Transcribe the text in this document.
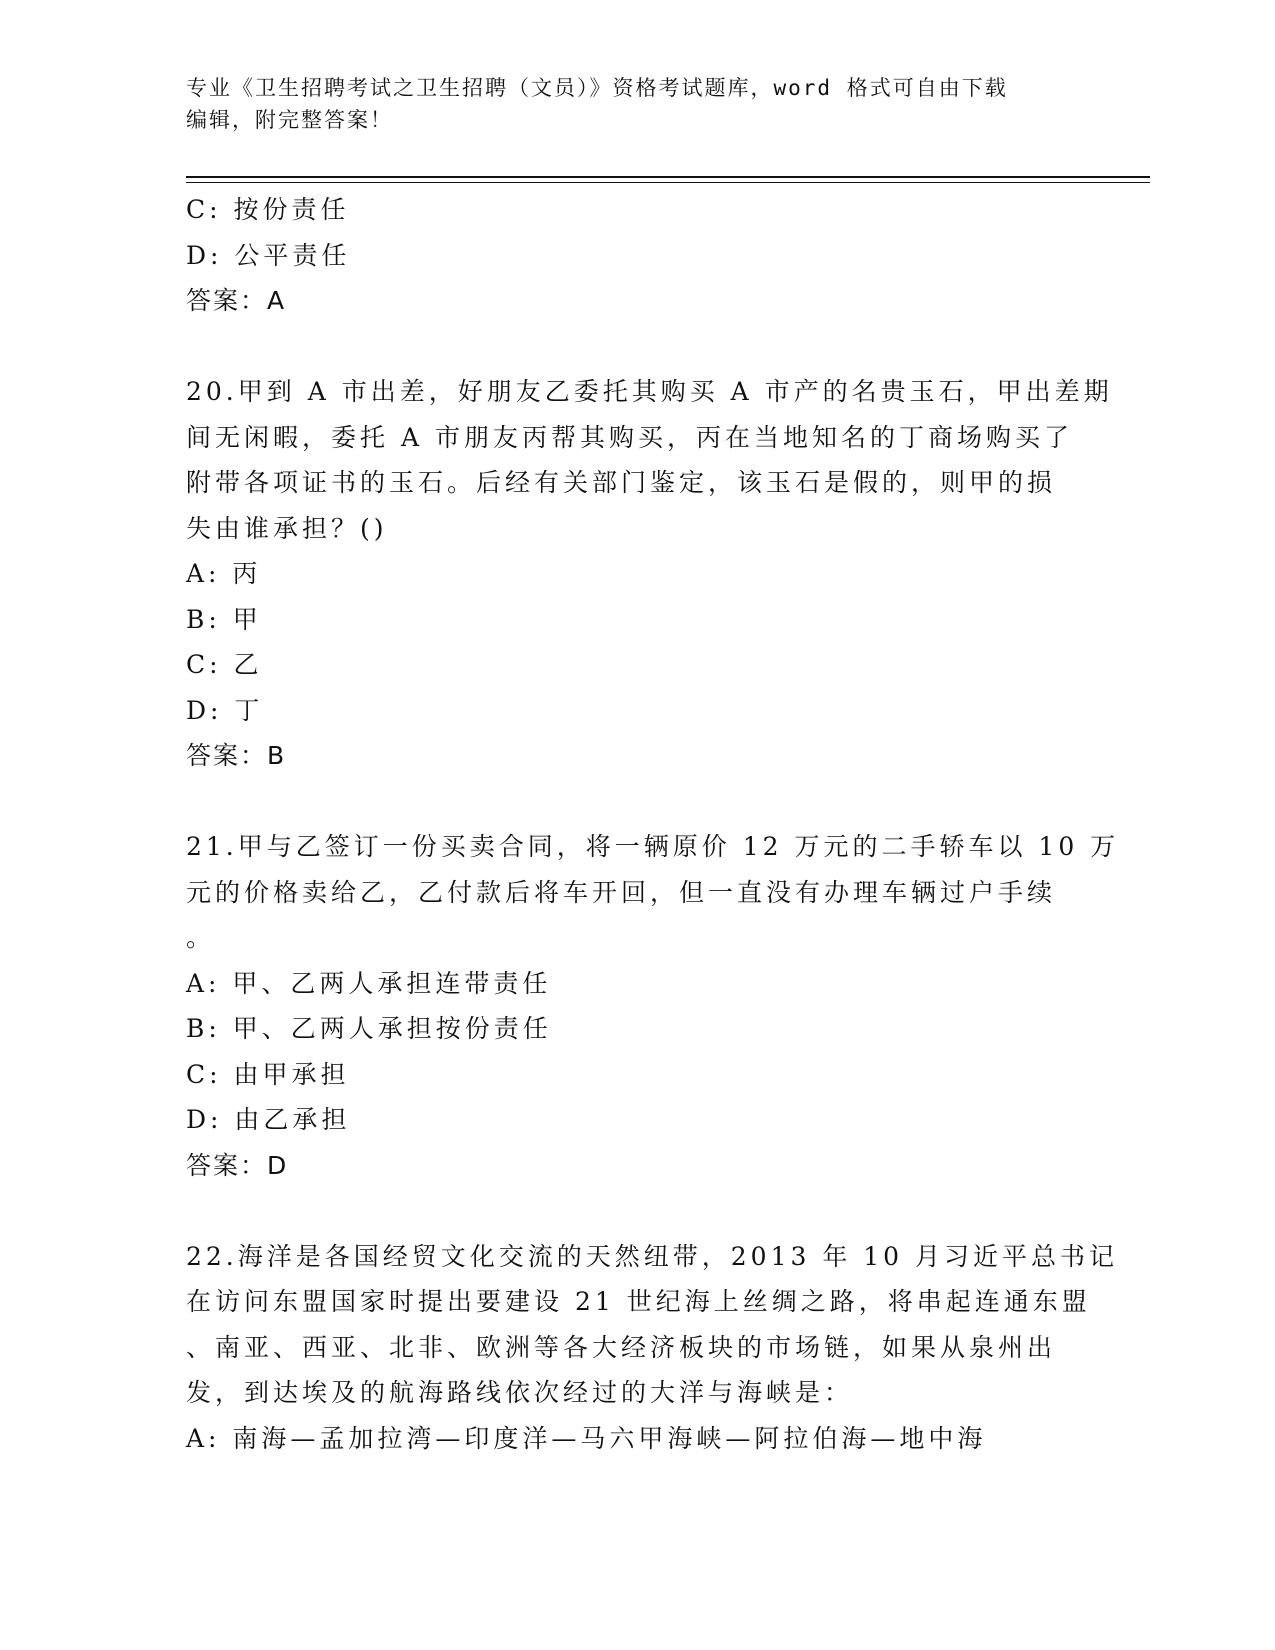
专业《卫生招聘考试之卫生招聘（文员）》资格考试题库，word 格式可自由下载
编辑，附完整答案！
C: 按份责任
D: 公平责任
答案：A
20.甲到 A 市出差，好朋友乙委托其购买 A 市产的名贵玉石，甲出差期
间无闲暇，委托 A 市朋友丙帮其购买，丙在当地知名的丁商场购买了
附带各项证书的玉石。后经有关部门鉴定，该玉石是假的，则甲的损
失由谁承担？()
A: 丙
B: 甲
C: 乙
D: 丁
答案：B
21.甲与乙签订一份买卖合同，将一辆原价 12 万元的二手轿车以 10 万
元的价格卖给乙，乙付款后将车开回，但一直没有办理车辆过户手续
。
A: 甲、乙两人承担连带责任
B: 甲、乙两人承担按份责任
C: 由甲承担
D: 由乙承担
答案：D
22.海洋是各国经贸文化交流的天然纽带，2013 年 10 月习近平总书记
在访问东盟国家时提出要建设 21 世纪海上丝绸之路，将串起连通东盟
、南亚、西亚、北非、欧洲等各大经济板块的市场链，如果从泉州出
发，到达埃及的航海路线依次经过的大洋与海峡是：
A: 南海—孟加拉湾—印度洋—马六甲海峡—阿拉伯海—地中海
